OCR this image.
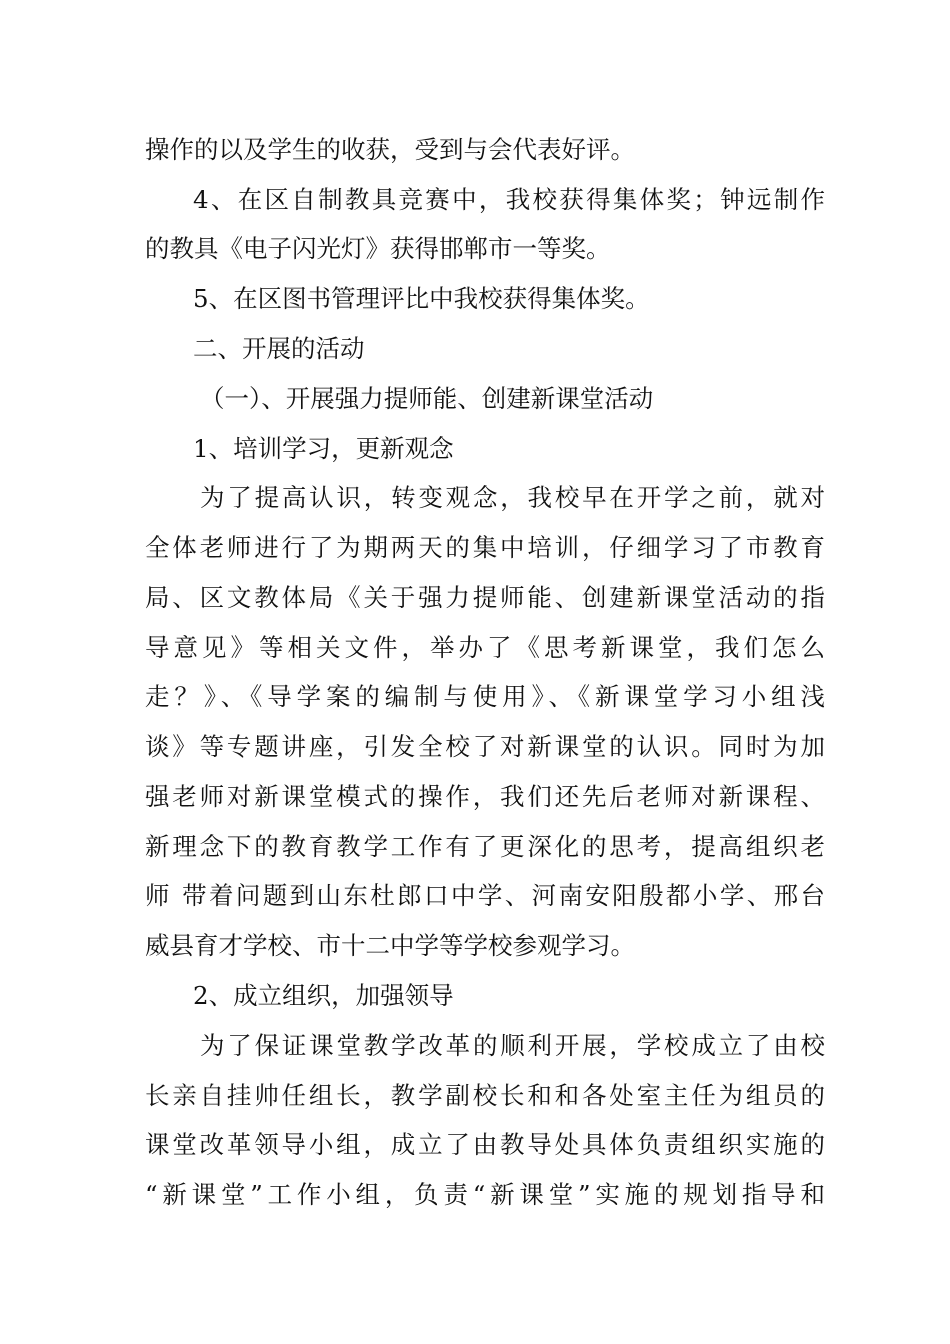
操作的以及学生的收获，受到与会代表好评。
4、在区自制教具竞赛中，我校获得集体奖；钟远制作
的教具《电子闪光灯》获得邯郸市一等奖。
5、在区图书管理评比中我校获得集体奖。
二、开展的活动
（一）、开展强力提师能、创建新课堂活动
1、培训学习，更新观念
为了提高认识，转变观念，我校早在开学之前，就对
全体老师进行了为期两天的集中培训，仔细学习了市教育
局、区文教体局《关于强力提师能、创建新课堂活动的指
导意见》等相关文件，举办了《思考新课堂，我们怎么
走？》、《导学案的编制与使用》、《新课堂学习小组浅
谈》等专题讲座，引发全校了对新课堂的认识。同时为加
强老师对新课堂模式的操作，我们还先后老师对新课程、
新理念下的教育教学工作有了更深化的思考，提高组织老
师 带着问题到山东杜郎口中学、河南安阳殷都小学、邢台
威县育才学校、市十二中学等学校参观学习。
2、成立组织，加强领导
为了保证课堂教学改革的顺利开展，学校成立了由校
长亲自挂帅任组长，教学副校长和和各处室主任为组员的
课堂改革领导小组，成立了由教导处具体负责组织实施的
“新课堂”工作小组，负责“新课堂”实施的规划指导和
